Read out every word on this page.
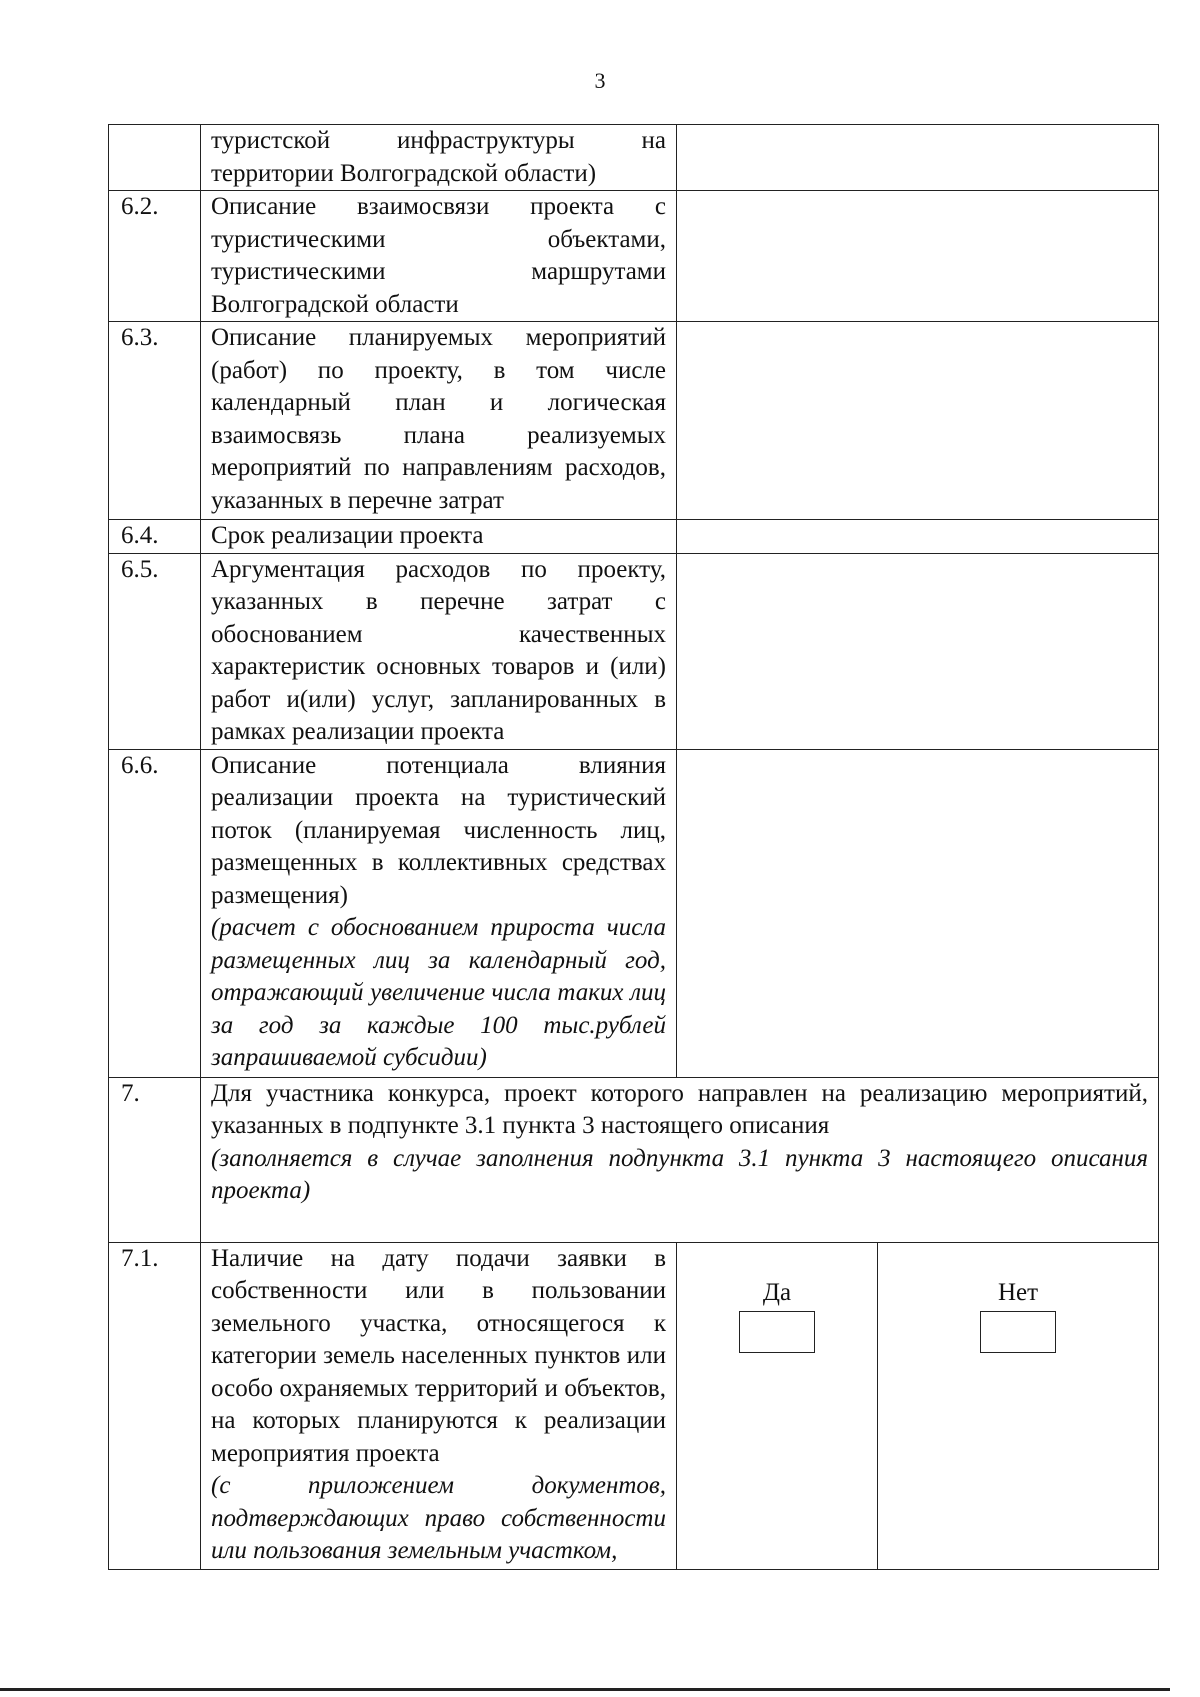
3
	туристской инфраструктуры на территории Волгоградской области)		
6.2.	Описание взаимосвязи проекта с туристическими объектами, туристическими маршрутами Волгоградской области		
6.3.	Описание планируемых мероприятий (работ) по проекту, в том числе календарный план и логическая взаимосвязь плана реализуемых мероприятий по направлениям расходов, указанных в перечне затрат		
6.4.	Срок реализации проекта		
6.5.	Аргументация расходов по проекту, указанных в перечне затрат с обоснованием качественных характеристик основных товаров и (или) работ и(или) услуг, запланированных в рамках реализации проекта		
6.6.	Описание потенциала влияния реализации проекта на туристический поток (планируемая численность лиц, размещенных в коллективных средствах размещения)
(расчет с обоснованием прироста числа размещенных лиц за календарный год, отражающий увеличение числа таких лиц за год за каждые 100 тыс.рублей запрашиваемой субсидии)		

7.	Для участника конкурса, проект которого направлен на реализацию мероприятий, указанных в подпункте 3.1 пункта 3 настоящего описания
(заполняется в случае заполнения подпункта 3.1 пункта 3 настоящего описания проекта)		

7.1.	Наличие на дату подачи заявки в собственности или в пользовании земельного участка, относящегося к категории земель населенных пунктов или особо охраняемых территорий и объектов, на которых планируются к реализации мероприятия проекта
(с приложением документов, подтверждающих право собственности или пользования земельным участком,	Да	Нет
